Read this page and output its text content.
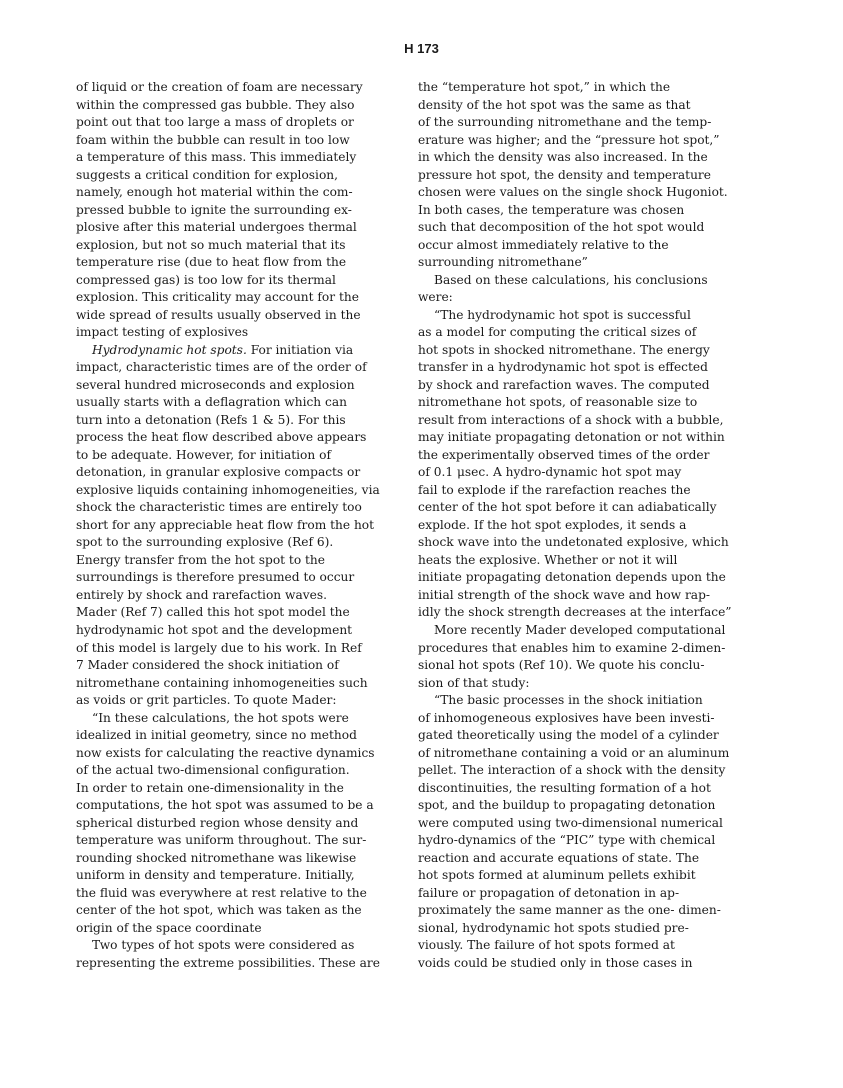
H 173
of liquid or the creation of foam are necessary
within the compressed gas bubble. They also
point out that too large a mass of droplets or
foam within the bubble can result in too low
a temperature of this mass. This immediately
suggests a critical condition for explosion,
namely, enough hot material within the com-
pressed bubble to ignite the surrounding ex-
plosive after this material undergoes thermal
explosion, but not so much material that its
temperature rise (due to heat flow from the
compressed gas) is too low for its thermal
explosion. This criticality may account for the
wide spread of results usually observed in the
impact testing of explosives
Hydrodynamic hot spots. For initiation via
impact, characteristic times are of the order of
several hundred microseconds and explosion
usually starts with a deflagration which can
turn into a detonation (Refs 1 & 5). For this
process the heat flow described above appears
to be adequate. However, for initiation of
detonation, in granular explosive compacts or
explosive liquids containing inhomogeneities, via
shock the characteristic times are entirely too
short for any appreciable heat flow from the hot
spot to the surrounding explosive (Ref 6).
Energy transfer from the hot spot to the
surroundings is therefore presumed to occur
entirely by shock and rarefaction waves.
Mader (Ref 7) called this hot spot model the
hydrodynamic hot spot and the development
of this model is largely due to his work. In Ref
7 Mader considered the shock initiation of
nitromethane containing inhomogeneities such
as voids or grit particles. To quote Mader:
“In these calculations, the hot spots were
idealized in initial geometry, since no method
now exists for calculating the reactive dynamics
of the actual two-dimensional configuration.
In order to retain one-dimensionality in the
computations, the hot spot was assumed to be a
spherical disturbed region whose density and
temperature was uniform throughout. The sur-
rounding shocked nitromethane was likewise
uniform in density and temperature. Initially,
the fluid was everywhere at rest relative to the
center of the hot spot, which was taken as the
origin of the space coordinate
Two types of hot spots were considered as
representing the extreme possibilities. These are
the “temperature hot spot,” in which the
density of the hot spot was the same as that
of the surrounding nitromethane and the temp-
erature was higher; and the “pressure hot spot,”
in which the density was also increased. In the
pressure hot spot, the density and temperature
chosen were values on the single shock Hugoniot.
In both cases, the temperature was chosen
such that decomposition of the hot spot would
occur almost immediately relative to the
surrounding nitromethane”
Based on these calculations, his conclusions
were:
“The hydrodynamic hot spot is successful
as a model for computing the critical sizes of
hot spots in shocked nitromethane. The energy
transfer in a hydrodynamic hot spot is effected
by shock and rarefaction waves. The computed
nitromethane hot spots, of reasonable size to
result from interactions of a shock with a bubble,
may initiate propagating detonation or not within
the experimentally observed times of the order
of 0.1 μsec. A hydro-dynamic hot spot may
fail to explode if the rarefaction reaches the
center of the hot spot before it can adiabatically
explode. If the hot spot explodes, it sends a
shock wave into the undetonated explosive, which
heats the explosive. Whether or not it will
initiate propagating detonation depends upon the
initial strength of the shock wave and how rap-
idly the shock strength decreases at the interface”
More recently Mader developed computational
procedures that enables him to examine 2-dimen-
sional hot spots (Ref 10). We quote his conclu-
sion of that study:
“The basic processes in the shock initiation
of inhomogeneous explosives have been investi-
gated theoretically using the model of a cylinder
of nitromethane containing a void or an aluminum
pellet. The interaction of a shock with the density
discontinuities, the resulting formation of a hot
spot, and the buildup to propagating detonation
were computed using two-dimensional numerical
hydro-dynamics of the “PIC” type with chemical
reaction and accurate equations of state. The
hot spots formed at aluminum pellets exhibit
failure or propagation of detonation in ap-
proximately the same manner as the one- dimen-
sional, hydrodynamic hot spots studied pre-
viously. The failure of hot spots formed at
voids could be studied only in those cases in
